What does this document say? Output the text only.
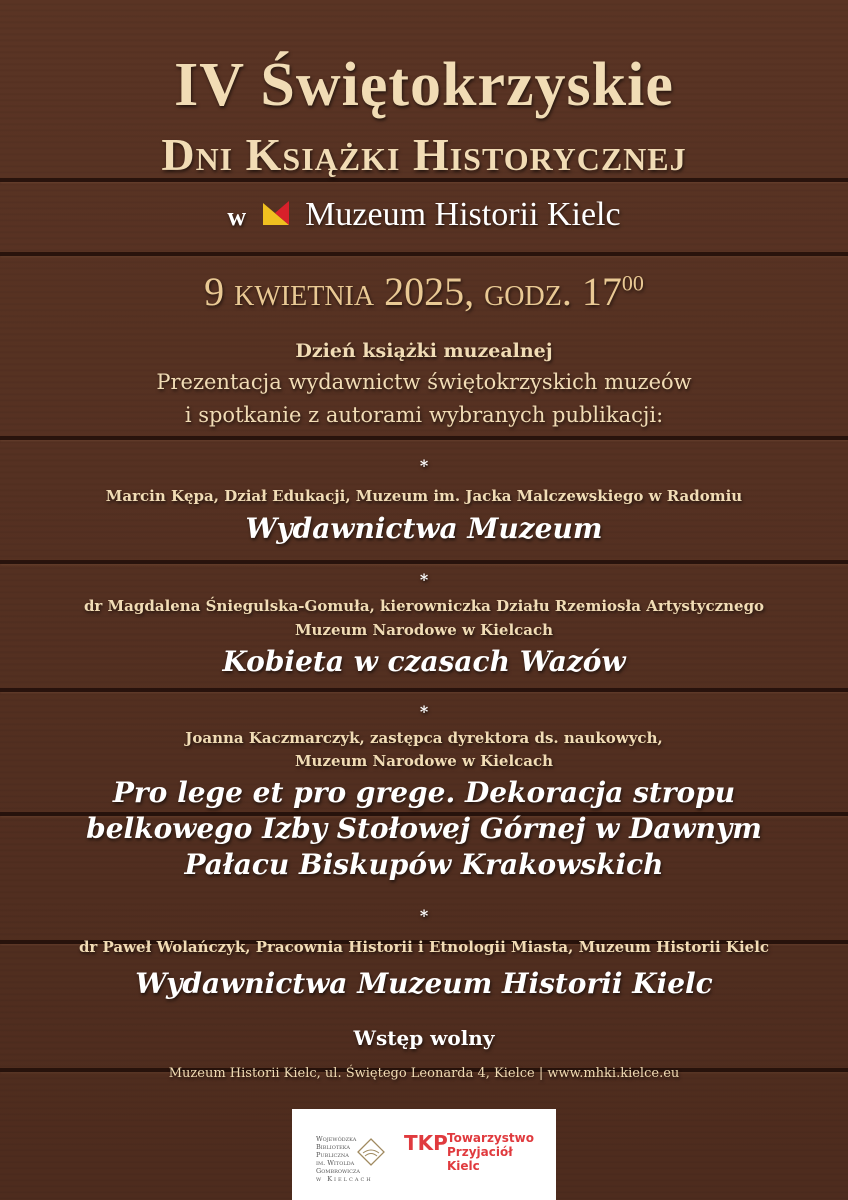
IV Świętokrzyskie
Dni Książki Historycznej
w Muzeum Historii Kielc
9 kwietnia 2025, godz. $17^{00}$
Dzień książki muzealnej
Prezentacja wydawnictw świętokrzyskich muzeów
i spotkanie z autorami wybranych publikacji:
*
Marcin Kępa, Dział Edukacji, Muzeum im. Jacka Malczewskiego w Radomiu
Wydawnictwa Muzeum
*
dr Magdalena Śniegulska-Gomuła, kierowniczka Działu Rzemiosła Artystycznego
Muzeum Narodowe w Kielcach
Kobieta w czasach Wazów
*
Joanna Kaczmarczyk, zastępca dyrektora ds. naukowych,
Muzeum Narodowe w Kielcach
Pro lege et pro grege. Dekoracja stropu
belkowego Izby Stołowej Górnej w Dawnym
Pałacu Biskupów Krakowskich
*
dr Paweł Wolańczyk, Pracownia Historii i Etnologii Miasta, Muzeum Historii Kielc
Wydawnictwa Muzeum Historii Kielc
Wstęp wolny
Muzeum Historii Kielc, ul. Świętego Leonarda 4, Kielce | www.mhki.kielce.eu
Wojewódzka
Biblioteka
Publiczna
im. Witolda
Gombrowicza
w Kielcach
TKP Towarzystwo
Przyjaciół
Kielc
